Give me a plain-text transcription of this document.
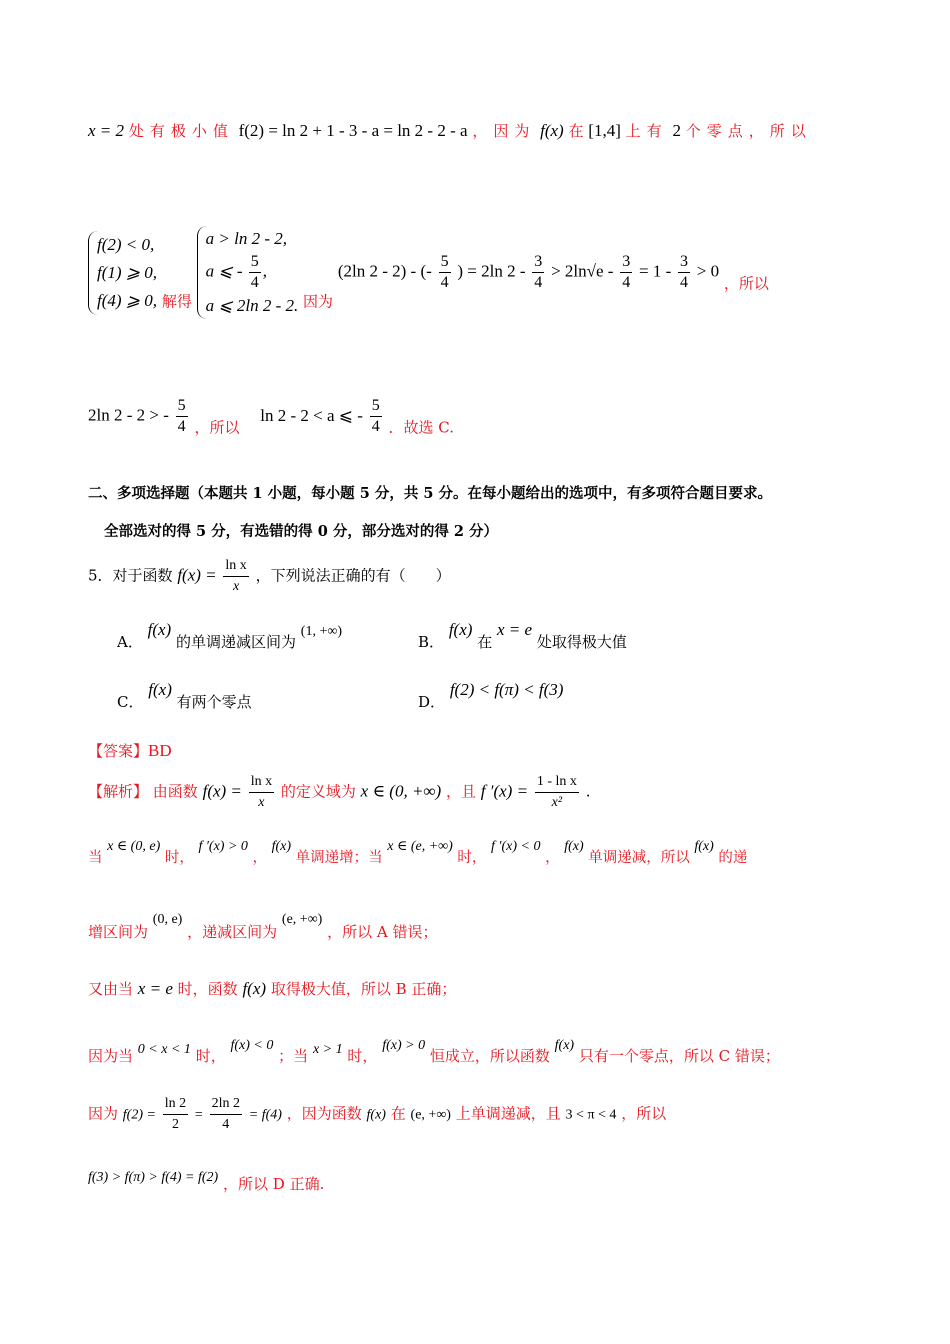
x = 2 处有极小值 f(2) = ln 2 + 1 - 3 - a = ln 2 - 2 - a ，因为 f(x) 在 [1,4] 上有 2 个零点，所以
f(2) < 0,
f(1) ⩾ 0,
f(4) ⩾ 0, 解得
a > ln 2 - 2,
a ⩽ - $\frac{5}{4}$ ,
a ⩽ 2ln 2 - 2. 因为 (2ln 2 - 2) - (- $\frac{5}{4}$ ) = 2ln $2 - \frac{3}{4} > 2\ln√e - \frac{3}{4} = 1 - \frac{3}{4} > 0$ ，所以
2ln 2 - 2 > - $\frac{5}{4}$ ，所以 ln 2 - 2 < a ⩽ - $\frac{5}{4}$ ．故选 C.
二、多项选择题（本题共 1 小题，每小题 5 分，共 5 分。在每小题给出的选项中，有多项符合题目要求。
全部选对的得 5 分，有选错的得 0 分，部分选对的得 2 分）
5．对于函数 $f(x) = \frac{\text{ln x}}{x}$ ，下列说法正确的有（　　）
A． f(x) 的单调递减区间为 (1, +∞)
B． f(x) 在 x = e 处取得极大值
C． f(x) 有两个零点	D． f(2) < f(π) < f(3)
【答案】BD
【解析】 由函数 $f(x) = \frac{\text{ln x}}{x}$ 的定义域为 x ∈ (0, +∞) ，且 f $'(x) = \frac{\text{1 - ln x}}{\text{x²}}$ .
当 x ∈ (0, e) 时， f ′(x) > 0 ， f(x) 单调递增；当 x ∈ (e, +∞) 时， f ′(x) < 0 ， f(x) 单调递减，所以 f(x) 的递
增区间为 (0, e) ，递减区间为 (e, +∞) ，所以 A 错误；
又由当 x = e 时，函数 f(x) 取得极大值，所以 B 正确；
因为当 0 < x < 1 时， f(x) < 0 ；当 x > 1 时， f(x) > 0 恒成立，所以函数 f(x) 只有一个零点，所以 C 错误；
因为 $f(2) = \frac{\ln 2}{2} = \frac{2\ln 2}{4} = f(4)$ ，因为函数 f(x) 在 (e, +∞) 上单调递减，且 3 < π < 4 ，所以
f(3) > f(π) > f(4) = f(2) ，所以 D 正确.
